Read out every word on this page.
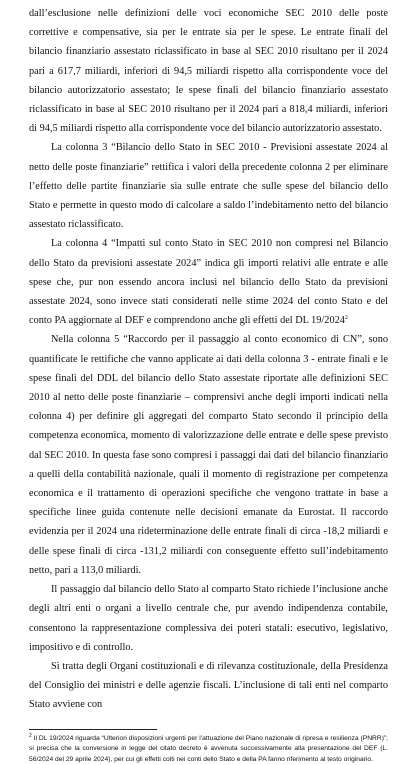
dall’esclusione nelle definizioni delle voci economiche SEC 2010 delle poste correttive e compensative, sia per le entrate sia per le spese. Le entrate finali del bilancio finanziario assestato riclassificato in base al SEC 2010 risultano per il 2024 pari a 617,7 miliardi, inferiori di 94,5 miliardi rispetto alla corrispondente voce del bilancio autorizzatorio assestato; le spese finali del bilancio finanziario assestato riclassificato in base al SEC 2010 risultano per il 2024 pari a 818,4 miliardi, inferiori di 94,5 miliardi rispetto alla corrispondente voce del bilancio autorizzatorio assestato.

La colonna 3 “Bilancio dello Stato in SEC 2010 - Previsioni assestate 2024 al netto delle poste finanziarie” rettifica i valori della precedente colonna 2 per eliminare l’effetto delle partite finanziarie sia sulle entrate che sulle spese del bilancio dello Stato e permette in questo modo di calcolare a saldo l’indebitamento netto del bilancio assestato riclassificato.

La colonna 4 “Impatti sul conto Stato in SEC 2010 non compresi nel Bilancio dello Stato da previsioni assestate 2024” indica gli importi relativi alle entrate e alle spese che, pur non essendo ancora inclusi nel bilancio dello Stato da previsioni assestate 2024, sono invece stati considerati nelle stime 2024 del conto Stato e del conto PA aggiornate al DEF e comprendono anche gli effetti del DL 19/2024$^2$

Nella colonna 5 “Raccordo per il passaggio al conto economico di CN”, sono quantificate le rettifiche che vanno applicate ai dati della colonna 3 - entrate finali e le spese finali del DDL del bilancio dello Stato assestate riportate alle definizioni SEC 2010 al netto delle poste finanziarie – comprensivi anche degli importi indicati nella colonna 4) per definire gli aggregati del comparto Stato secondo il principio della competenza economica, momento di valorizzazione delle entrate e delle spese previsto dal SEC 2010. In questa fase sono compresi i passaggi dai dati del bilancio finanziario a quelli della contabilità nazionale, quali il momento di registrazione per competenza economica e il trattamento di operazioni specifiche che vengono trattate in base a specifiche linee guida contenute nelle decisioni emanate da Eurostat. Il raccordo evidenzia per il 2024 una rideterminazione delle entrate finali di circa -18,2 miliardi e delle spese finali di circa -131,2 miliardi con conseguente effetto sull’indebitamento netto, pari a 113,0 miliardi.

Il passaggio dal bilancio dello Stato al comparto Stato richiede l’inclusione anche degli altri enti o organi a livello centrale che, pur avendo indipendenza contabile, consentono la rappresentazione complessiva dei poteri statali: esecutivo, legislativo, impositivo e di controllo.

Si tratta degli Organi costituzionali e di rilevanza costituzionale, della Presidenza del Consiglio dei ministri e delle agenzie fiscali. L’inclusione di tali enti nel comparto Stato avviene con

$^2$ Il DL 19/2024 riguarda “Ulteriori disposizioni urgenti per l’attuazione del Piano nazionale di ripresa e resilienza (PNRR)”; si precisa che la conversione in legge del citato decreto è avvenuta successivamente alla presentazione del DEF (L. 56/2024 del 29 aprile 2024), per cui gli effetti colti nei conti dello Stato e della PA fanno riferimento al testo originario.
